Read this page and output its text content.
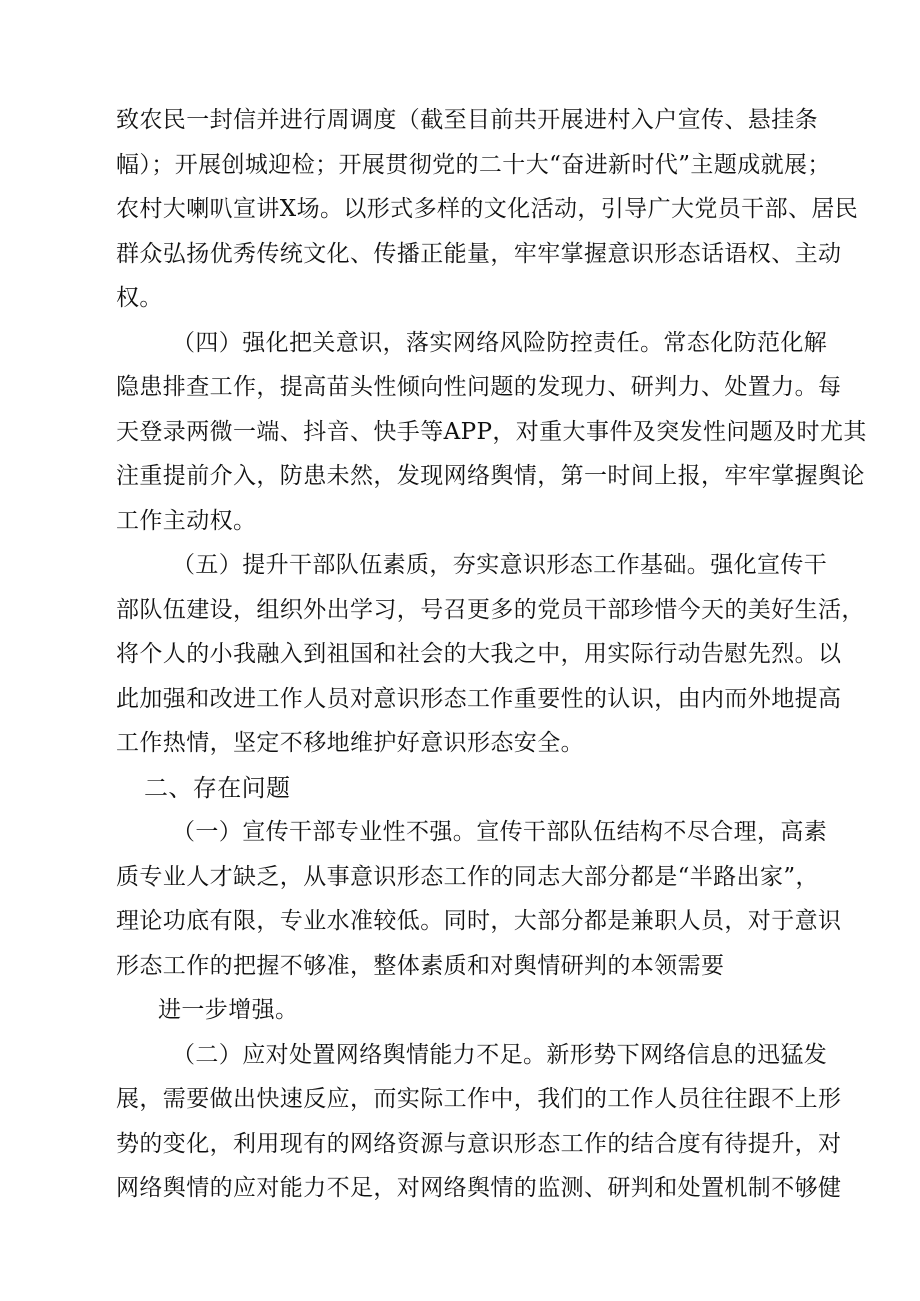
致农民一封信并进行周调度（截至目前共开展进村入户宣传、悬挂条
幅）；开展创城迎检；开展贯彻党的二十大“奋进新时代”主题成就展；
农村大喇叭宣讲X场。以形式多样的文化活动，引导广大党员干部、居民
群众弘扬优秀传统文化、传播正能量，牢牢掌握意识形态话语权、主动
权。
（四）强化把关意识，落实网络风险防控责任。常态化防范化解
隐患排查工作，提高苗头性倾向性问题的发现力、研判力、处置力。每
天登录两微一端、抖音、快手等APP，对重大事件及突发性问题及时尤其
注重提前介入，防患未然，发现网络舆情，第一时间上报，牢牢掌握舆论
工作主动权。
（五）提升干部队伍素质，夯实意识形态工作基础。强化宣传干
部队伍建设，组织外出学习，号召更多的党员干部珍惜今天的美好生活，
将个人的小我融入到祖国和社会的大我之中，用实际行动告慰先烈。以
此加强和改进工作人员对意识形态工作重要性的认识，由内而外地提高
工作热情，坚定不移地维护好意识形态安全。
二、存在问题
（一）宣传干部专业性不强。宣传干部队伍结构不尽合理，高素
质专业人才缺乏，从事意识形态工作的同志大部分都是“半路出家”，
理论功底有限，专业水准较低。同时，大部分都是兼职人员，对于意识
形态工作的把握不够准，整体素质和对舆情研判的本领需要
进一步增强。
（二）应对处置网络舆情能力不足。新形势下网络信息的迅猛发
展，需要做出快速反应，而实际工作中，我们的工作人员往往跟不上形
势的变化，利用现有的网络资源与意识形态工作的结合度有待提升，对
网络舆情的应对能力不足，对网络舆情的监测、研判和处置机制不够健
